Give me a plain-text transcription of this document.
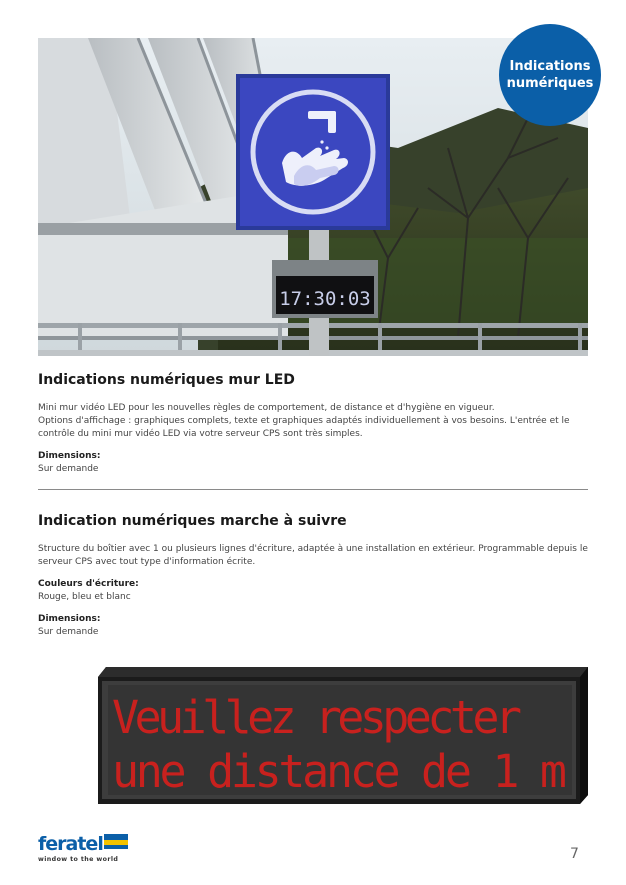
17:30:03
Indications
numériques
Indications numériques mur LED

Mini mur vidéo LED pour les nouvelles règles de comportement, de distance et d'hygiène en vigueur.

Options d'affichage : graphiques complets, texte et graphiques adaptés individuellement à vos besoins. L'entrée et le contrôle du mini mur vidéo LED via votre serveur CPS sont très simples.

Dimensions:

Sur demande

Indication numériques marche à suivre

Structure du boîtier avec 1 ou plusieurs lignes d'écriture, adaptée à une installation en extérieur. Programmable depuis le serveur CPS avec tout type d'information écrite.

Couleurs d'écriture:

Rouge, bleu et blanc

Dimensions:

Sur demande

Veuillez respecter
une distance de 1 m
feratel
window to the world	7
